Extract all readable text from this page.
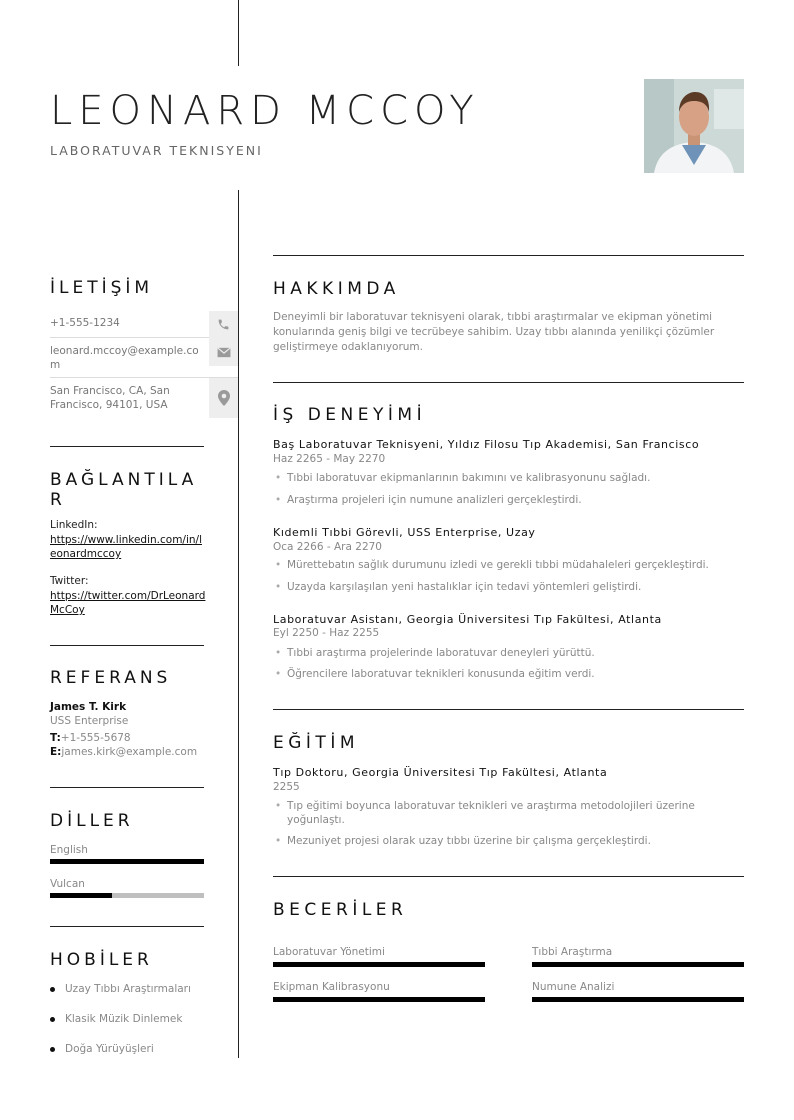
LEONARD MCCOY
LABORATUVAR TEKNISYENI
İLETİŞİM
+1-555-1234
leonard.mccoy@example.com
San Francisco, CA, San Francisco, 94101, USA
BAĞLANTILAR
LinkedIn:
https://www.linkedin.com/in/leonardmccoy
Twitter:
https://twitter.com/DrLeonardMcCoy
REFERANS
James T. Kirk
USS Enterprise
T:+1-555-5678
E:james.kirk@example.com
DİLLER
English
Vulcan
HOBİLER
Uzay Tıbbı Araştırmaları
Klasik Müzik Dinlemek
Doğa Yürüyüşleri
HAKKIMDA
Deneyimli bir laboratuvar teknisyeni olarak, tıbbi araştırmalar ve ekipman yönetimi konularında geniş bilgi ve tecrübeye sahibim. Uzay tıbbı alanında yenilikçi çözümler geliştirmeye odaklanıyorum.
İŞ DENEYİMİ
Baş Laboratuvar Teknisyeni, Yıldız Filosu Tıp Akademisi, San Francisco
Haz 2265 - May 2270
• Tıbbi laboratuvar ekipmanlarının bakımını ve kalibrasyonunu sağladı.
• Araştırma projeleri için numune analizleri gerçekleştirdi.
Kıdemli Tıbbi Görevli, USS Enterprise, Uzay
Oca 2266 - Ara 2270
• Mürettebatın sağlık durumunu izledi ve gerekli tıbbi müdahaleleri gerçekleştirdi.
• Uzayda karşılaşılan yeni hastalıklar için tedavi yöntemleri geliştirdi.
Laboratuvar Asistanı, Georgia Üniversitesi Tıp Fakültesi, Atlanta
Eyl 2250 - Haz 2255
• Tıbbi araştırma projelerinde laboratuvar deneyleri yürüttü.
• Öğrencilere laboratuvar teknikleri konusunda eğitim verdi.
EĞİTİM
Tıp Doktoru, Georgia Üniversitesi Tıp Fakültesi, Atlanta
2255
• Tıp eğitimi boyunca laboratuvar teknikleri ve araştırma metodolojileri üzerine yoğunlaştı.
• Mezuniyet projesi olarak uzay tıbbı üzerine bir çalışma gerçekleştirdi.
BECERİLER
Laboratuvar Yönetimi	Tıbbi Araştırma
Ekipman Kalibrasyonu	Numune Analizi
